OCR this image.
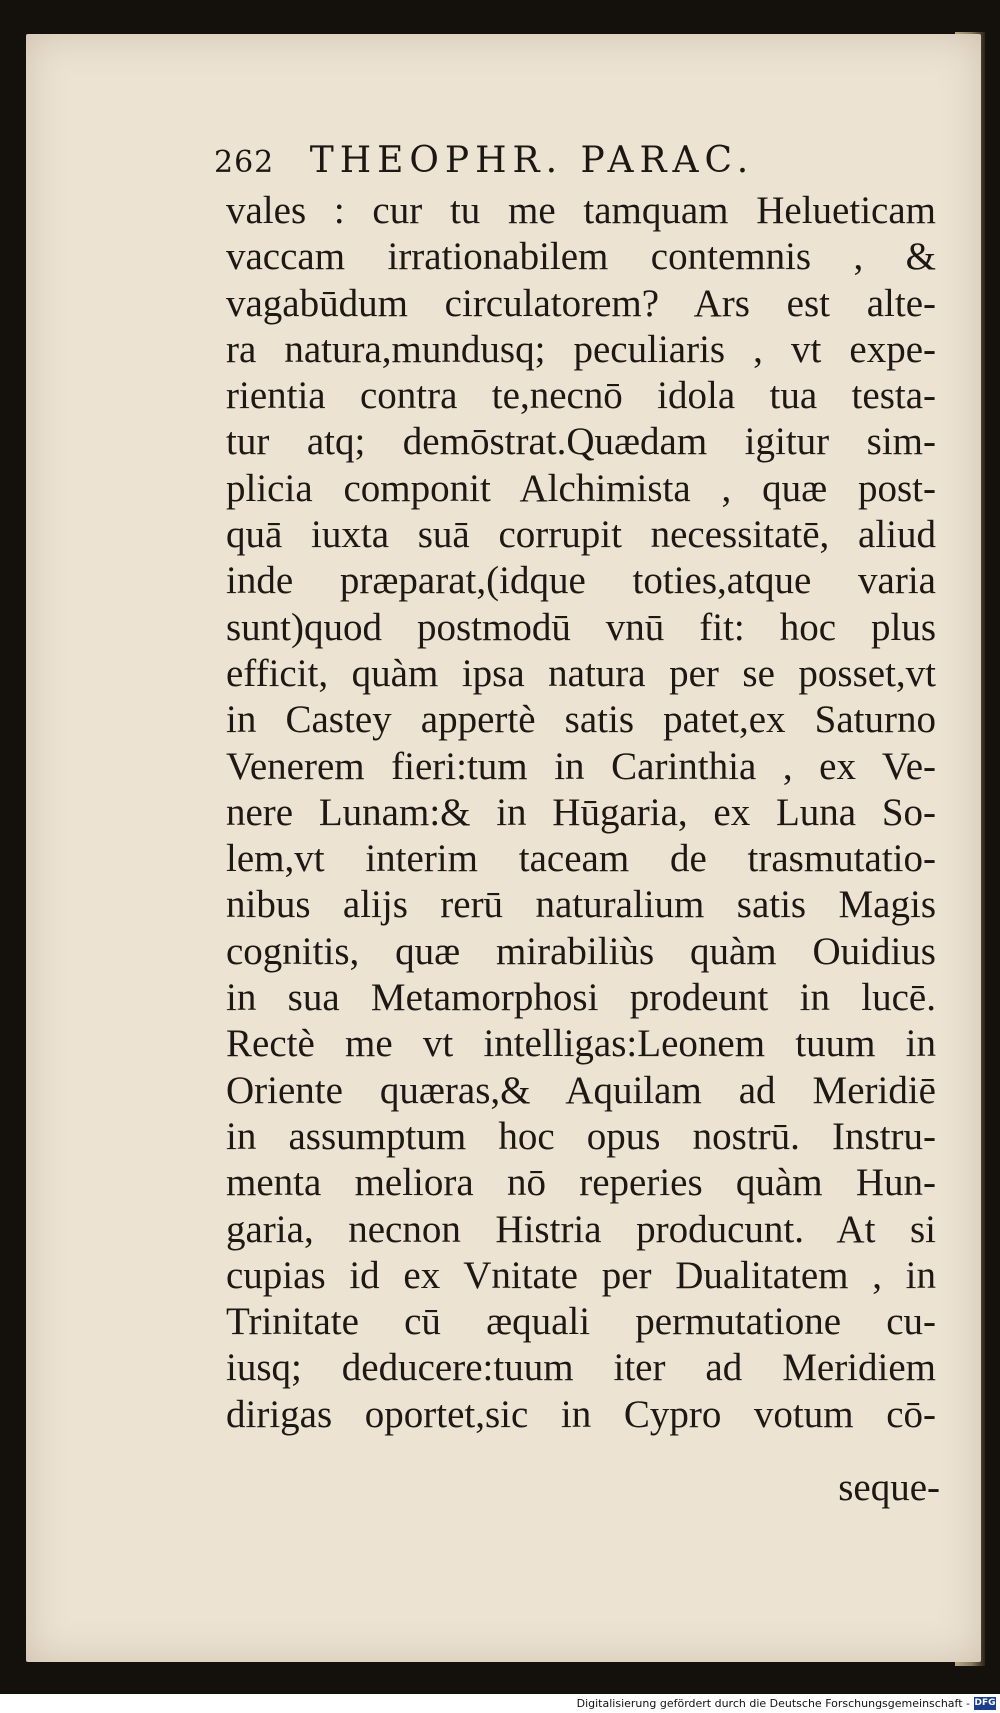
262 THEOPHR. PARAC.
vales : cur tu me tamquam Helueticam
vaccam irrationabilem contemnis , &
vagabūdum circulatorem? Ars est alte-
ra natura,mundusq; peculiaris , vt expe-
rientia contra te,necnō idola tua testa-
tur atq; demōstrat.Quædam igitur sim-
plicia componit Alchimista , quæ post-
quā iuxta suā corrupit necessitatē, aliud
inde præparat,(idque toties,atque varia
sunt)quod postmodū vnū fit: hoc plus
efficit, quàm ipsa natura per se posset,vt
in Castey appertè satis patet,ex Saturno
Venerem fieri:tum in Carinthia , ex Ve-
nere Lunam:& in Hūgaria, ex Luna So-
lem,vt interim taceam de trasmutatio-
nibus alijs rerū naturalium satis Magis
cognitis, quæ mirabiliùs quàm Ouidius
in sua Metamorphosi prodeunt in lucē.
Rectè me vt intelligas:Leonem tuum in
Oriente quæras,& Aquilam ad Meridiē
in assumptum hoc opus nostrū. Instru-
menta meliora nō reperies quàm Hun-
garia, necnon Histria producunt. At si
cupias id ex Vnitate per Dualitatem , in
Trinitate cū æquali permutatione cu-
iusq; deducere:tuum iter ad Meridiem
dirigas oportet,sic in Cypro votum cō-
seque-
Digitalisierung gefördert durch die Deutsche Forschungsgemeinschaft - DFG
